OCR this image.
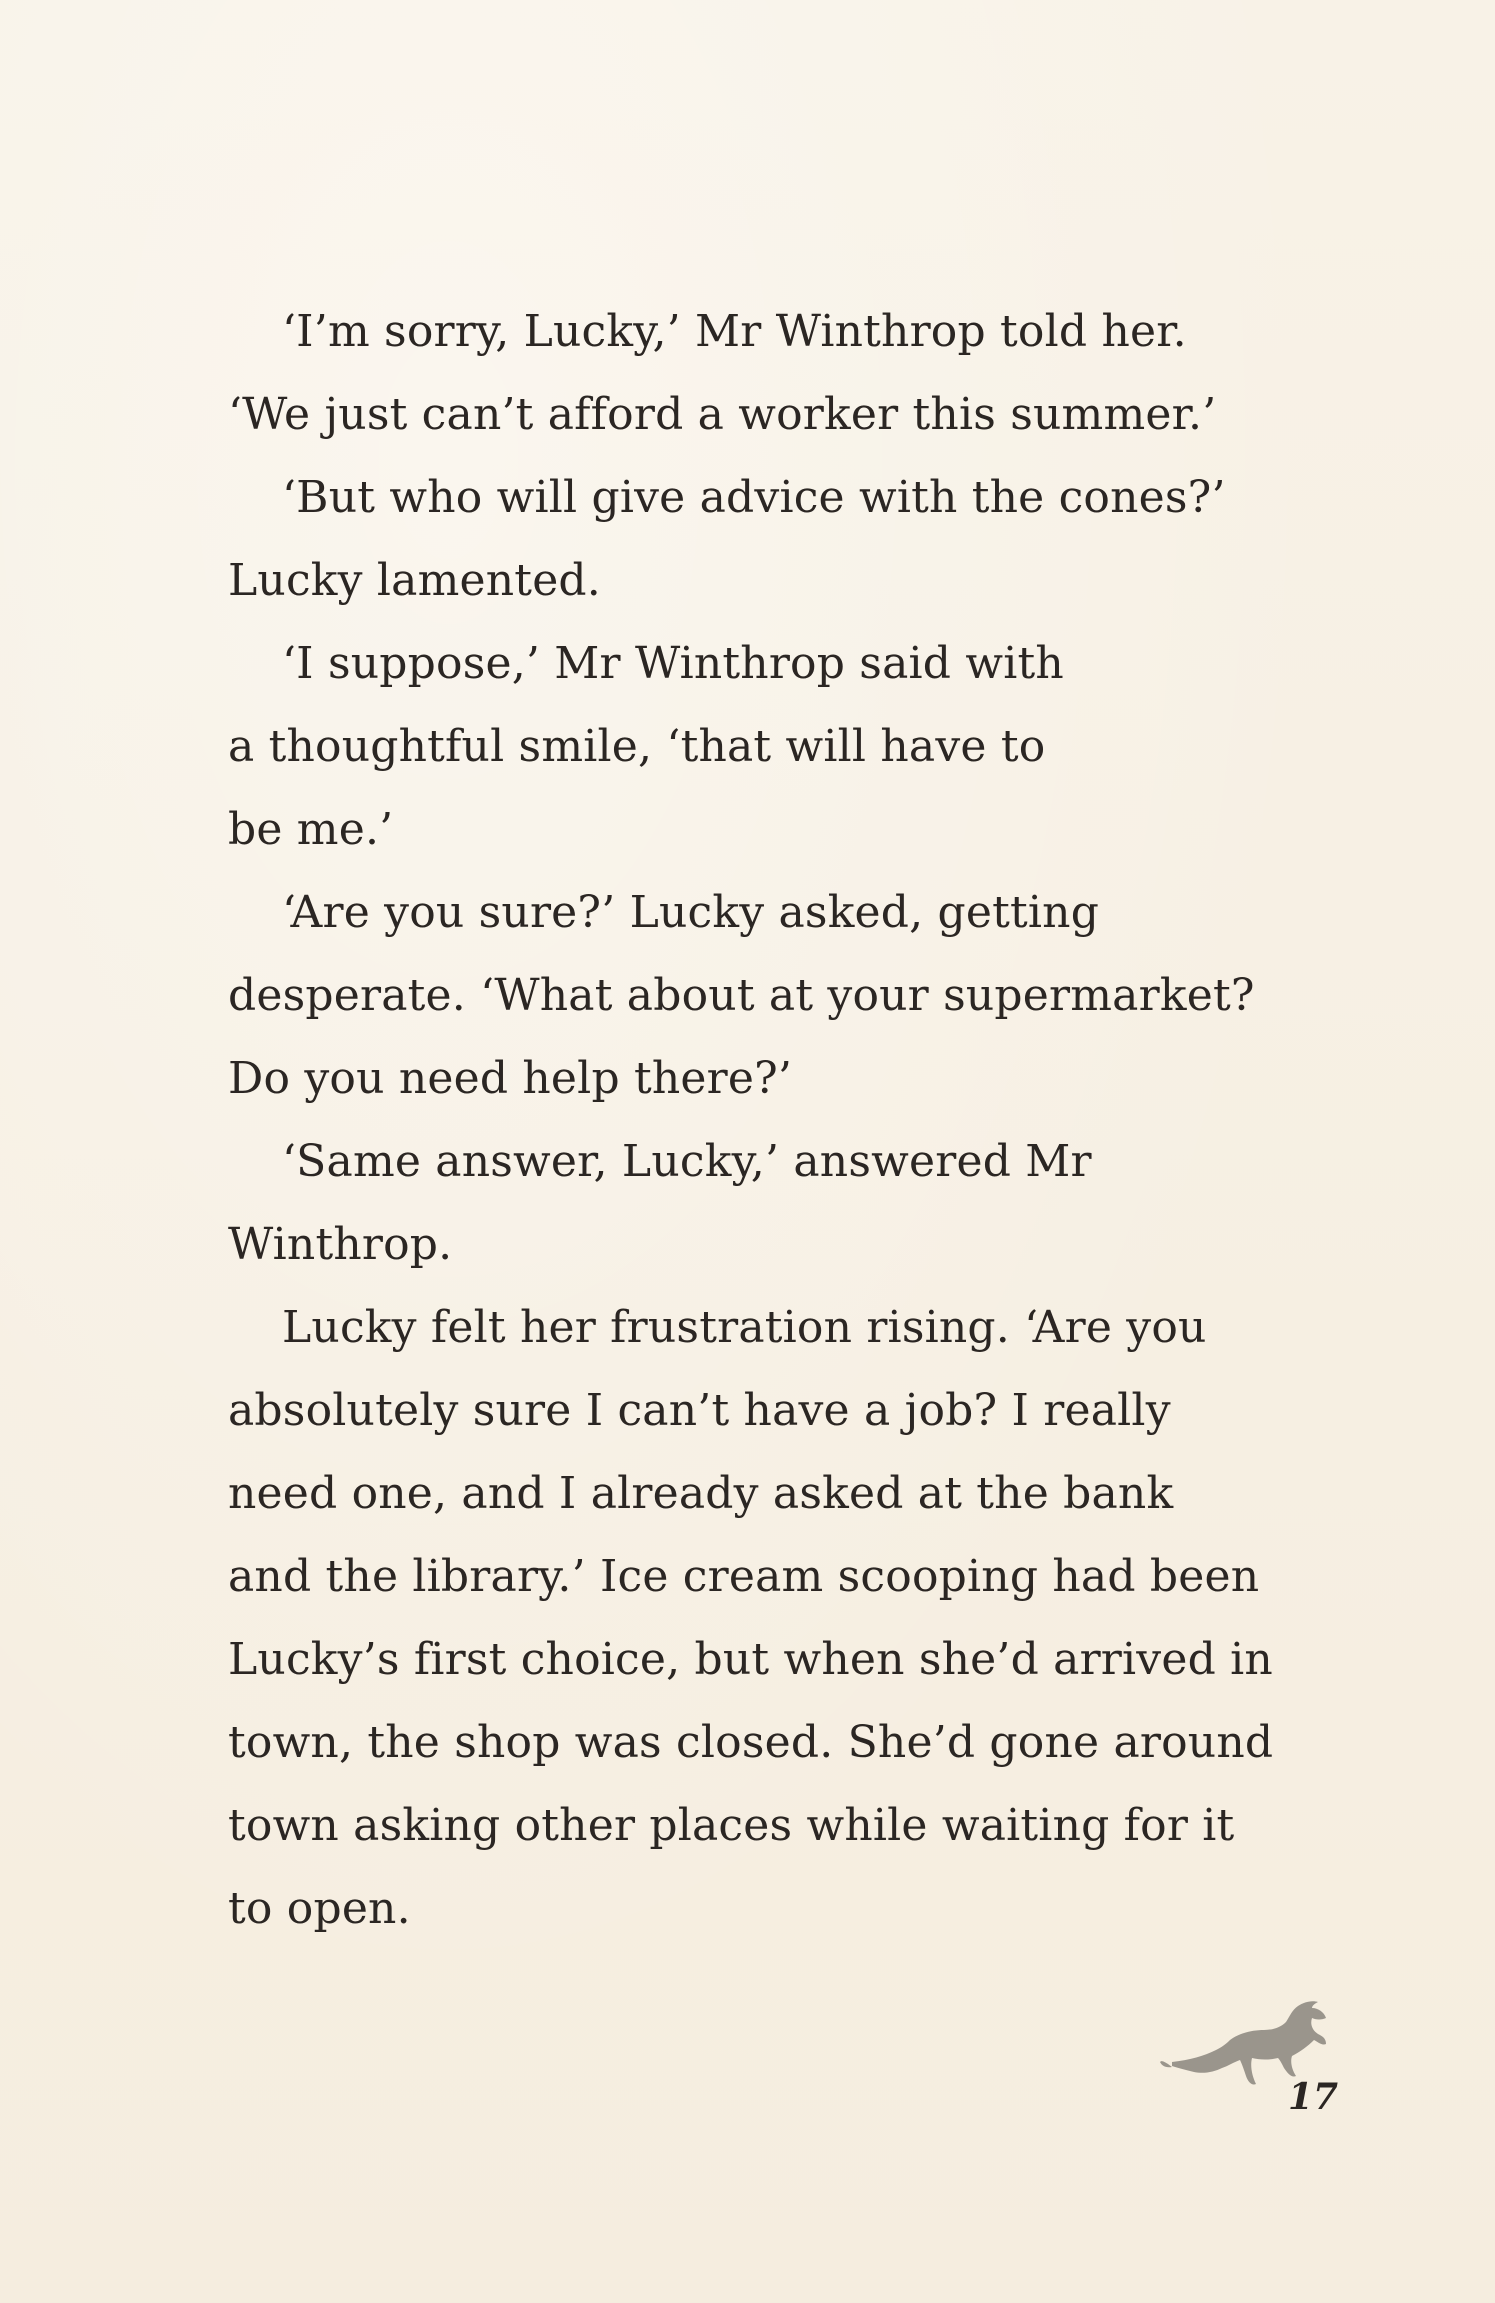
‘I’m sorry, Lucky,’ Mr Winthrop told her.
‘We just can’t afford a worker this summer.’
‘But who will give advice with the cones?’
Lucky lamented.
‘I suppose,’ Mr Winthrop said with
a thoughtful smile, ‘that will have to
be me.’
‘Are you sure?’ Lucky asked, getting
desperate. ‘What about at your supermarket?
Do you need help there?’
‘Same answer, Lucky,’ answered Mr
Winthrop.
Lucky felt her frustration rising. ‘Are you
absolutely sure I can’t have a job? I really
need one, and I already asked at the bank
and the library.’ Ice cream scooping had been
Lucky’s first choice, but when she’d arrived in
town, the shop was closed. She’d gone around
town asking other places while waiting for it
to open.
17
